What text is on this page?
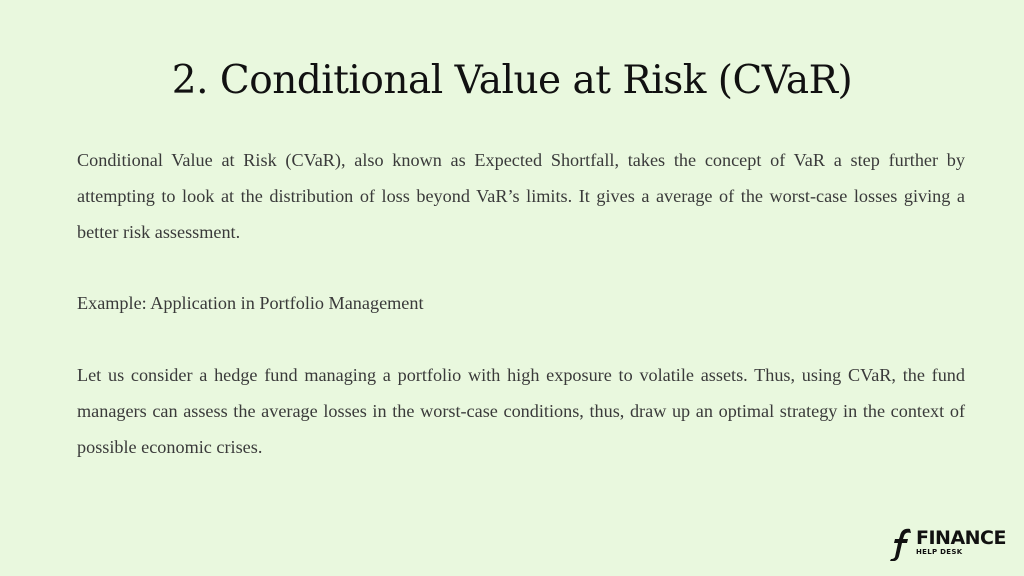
2. Conditional Value at Risk (CVaR)

Conditional Value at Risk (CVaR), also known as Expected Shortfall, takes the concept of VaR a step further by attempting to look at the distribution of loss beyond VaR’s limits. It gives a average of the worst-case losses giving a better risk assessment.

Example: Application in Portfolio Management

Let us consider a hedge fund managing a portfolio with high exposure to volatile assets. Thus, using CVaR, the fund managers can assess the average losses in the worst-case conditions, thus, draw up an optimal strategy in the context of possible economic crises.

FINANCE
HELP DESK
